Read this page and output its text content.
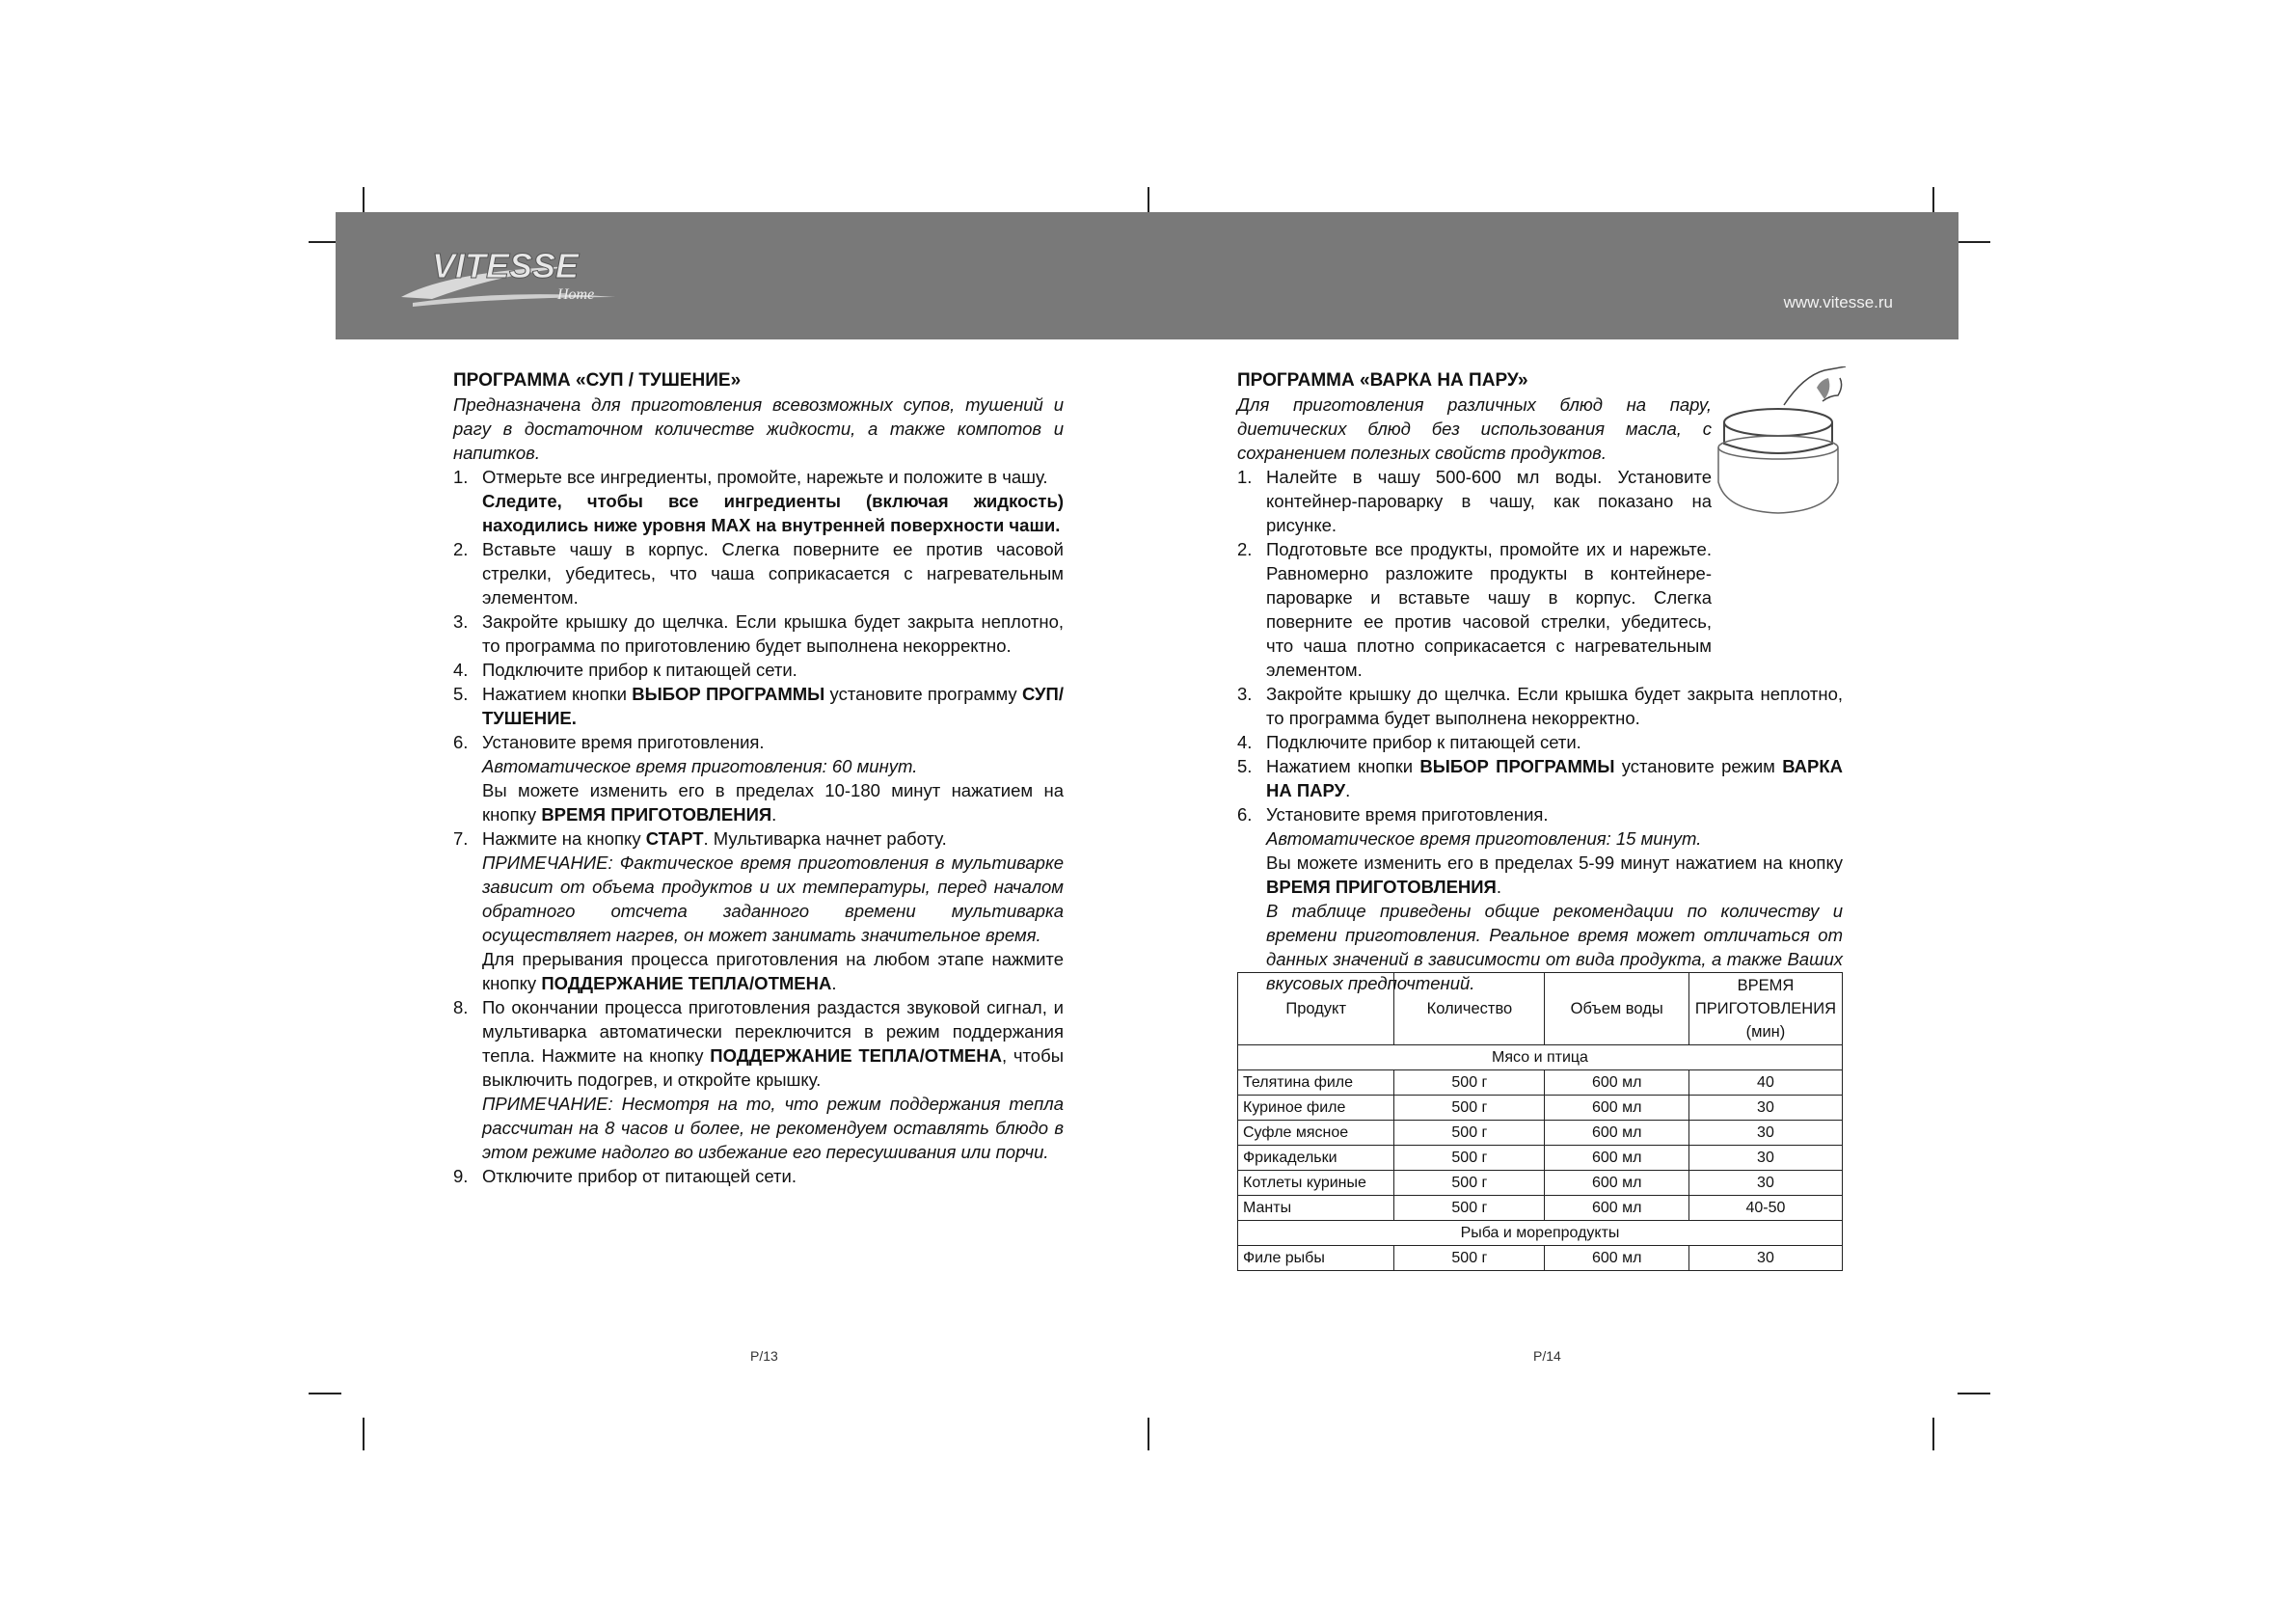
VITESSE
Home	www.vitesse.ru

ПРОГРАММА «СУП / ТУШЕНИЕ»

Предназначена для приготовления всевозможных супов, тушений и рагу в достаточном количестве жидкости, а также компотов и напитков.

1. Отмерьте все ингредиенты, промойте, нарежьте и положите в чашу.
Следите, чтобы все ингредиенты (включая жидкость) находились ниже уровня MAX на внутренней поверхности чаши.
2. Вставьте чашу в корпус. Слегка поверните ее против часовой стрелки, убедитесь, что чаша соприкасается с нагревательным элементом.
3. Закройте крышку до щелчка. Если крышка будет закрыта неплотно, то программа по приготовлению будет выполнена некорректно.
4. Подключите прибор к питающей сети.
5. Нажатием кнопки ВЫБОР ПРОГРАММЫ установите программу СУП/ТУШЕНИЕ.
6. Установите время приготовления.
Автоматическое время приготовления: 60 минут.
Вы можете изменить его в пределах 10-180 минут нажатием на кнопку ВРЕМЯ ПРИГОТОВЛЕНИЯ.
7. Нажмите на кнопку СТАРТ. Мультиварка начнет работу.
ПРИМЕЧАНИЕ: Фактическое время приготовления в мультиварке зависит от объема продуктов и их температуры, перед началом обратного отсчета заданного времени мультиварка осуществляет нагрев, он может занимать значительное время.
Для прерывания процесса приготовления на любом этапе нажмите кнопку ПОДДЕРЖАНИЕ ТЕПЛА/ОТМЕНА.
8. По окончании процесса приготовления раздастся звуковой сигнал, и мультиварка автоматически переключится в режим поддержания тепла. Нажмите на кнопку ПОДДЕРЖАНИЕ ТЕПЛА/ОТМЕНА, чтобы выключить подогрев, и откройте крышку.
ПРИМЕЧАНИЕ: Несмотря на то, что режим поддержания тепла рассчитан на 8 часов и более, не рекомендуем оставлять блюдо в этом режиме надолго во избежание его пересушивания или порчи.
9. Отключите прибор от питающей сети.
P/13

ПРОГРАММА «ВАРКА НА ПАРУ»

Для приготовления различных блюд на пару, диетических блюд без использования масла, с сохранением полезных свойств продуктов.

1. Налейте в чашу 500-600 мл воды. Установите контейнер-пароварку в чашу, как показано на рисунке.
2. Подготовьте все продукты, промойте их и нарежьте. Равномерно разложите продукты в контейнере-пароварке и вставьте чашу в корпус. Слегка поверните ее против часовой стрелки, убедитесь, что чаша плотно соприкасается с нагревательным элементом.
3. Закройте крышку до щелчка. Если крышка будет закрыта неплотно, то программа будет выполнена некорректно.
4. Подключите прибор к питающей сети.
5. Нажатием кнопки ВЫБОР ПРОГРАММЫ установите режим ВАРКА НА ПАРУ.
6. Установите время приготовления.
Автоматическое время приготовления: 15 минут.
Вы можете изменить его в пределах 5-99 минут нажатием на кнопку ВРЕМЯ ПРИГОТОВЛЕНИЯ.
В таблице приведены общие рекомендации по количеству и времени приготовления. Реальное время может отличаться от данных значений в зависимости от вида продукта, а также Ваших вкусовых предпочтений.
Продукт	Количество	Объем воды	ВРЕМЯ ПРИГОТОВЛЕНИЯ (мин)
Мясо и птица			
Телятина филе	500 г	600 мл	40
Куриное филе	500 г	600 мл	30
Суфле мясное	500 г	600 мл	30
Фрикадельки	500 г	600 мл	30
Котлеты куриные	500 г	600 мл	30
Манты	500 г	600 мл	40-50
Рыба и морепродукты			
Филе рыбы	500 г	600 мл	30
P/14
